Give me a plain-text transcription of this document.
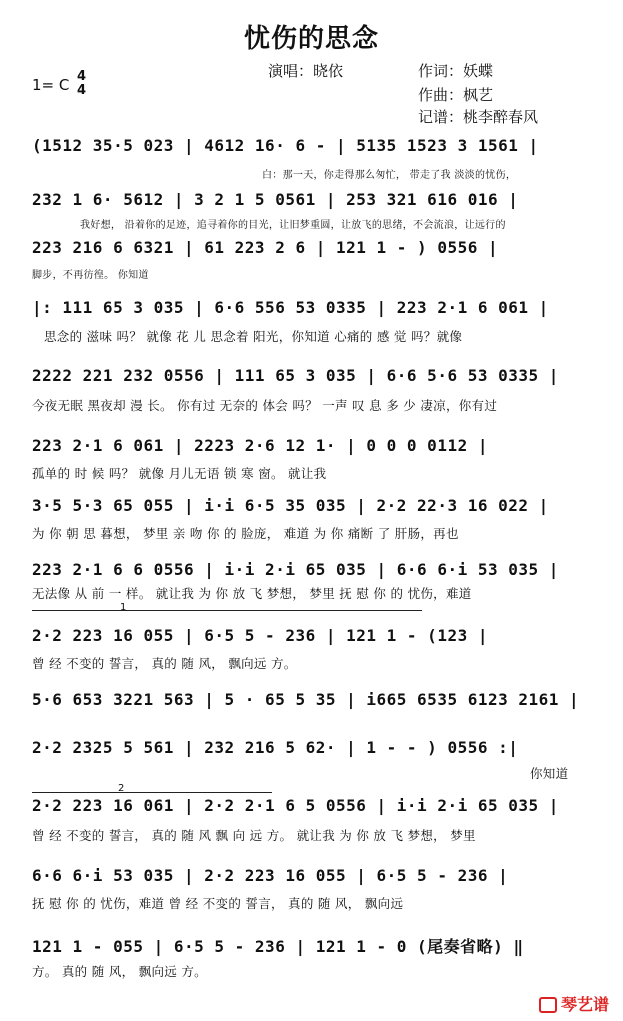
忧伤的思念
演唱：晓依	作词：妖蝶
作曲：枫艺
记谱：桃李醉春风
1= C 4
4
(1512 35·5 023 | 4612 16· 6 - | 5135 1523 3 1561 |
白：那一天，你走得那么匆忙， 带走了我 淡淡的忧伤，
232 1 6· 5612 | 3 2 1 5 0561 | 253 321 616 016 |
我好想， 沿着你的足迹，追寻着你的目光，让旧梦重圆，让放飞的思绪，不会流浪，让远行的
223 216 6 6321 | 61 223 2 6 | 121 1 - ) 0556 |
脚步，不再彷徨。 你知道
|: 111 65 3 035 | 6·6 556 53 0335 | 223 2·1 6 061 |
思念的 滋味 吗？ 就像 花 儿 思念着 阳光，你知道 心痛的 感 觉 吗？就像
2222 221 232 0556 | 111 65 3 035 | 6·6 5·6 53 0335 |
今夜无眠 黑夜却 漫 长。 你有过 无奈的 体会 吗？ 一声 叹 息 多 少 凄凉，你有过
223 2·1 6 061 | 2223 2·6 12 1· | 0 0 0 0112 |
孤单的 时 候 吗？ 就像 月儿无语 锁 寒 窗。 就让我
3·5 5·3 65 055 | i·i 6·5 35 035 | 2·2 22·3 16 022 |
为 你 朝 思 暮想， 梦里 亲 吻 你 的 脸庞， 难道 为 你 痛断 了 肝肠，再也
223 2·1 6 6 0556 | i·i 2·i 65 035 | 6·6 6·i 53 035 |
无法像 从 前 一 样。 就让我 为 你 放 飞 梦想， 梦里 抚 慰 你 的 忧伤，难道
1
2·2 223 16 055 | 6·5 5 - 236 | 121 1 - (123 |
曾 经 不变的 誓言， 真的 随 风， 飘向远 方。
5·6 653 3221 563 | 5 · 65 5 35 | i665 6535 6123 2161 |
2·2 2325 5 561 | 232 216 5 62· | 1 - - ) 0556 :|
你知道
2
2·2 223 16 061 | 2·2 2·1 6 5 0556 | i·i 2·i 65 035 |
曾 经 不变的 誓言， 真的 随 风 飘 向 远 方。 就让我 为 你 放 飞 梦想， 梦里
6·6 6·i 53 035 | 2·2 223 16 055 | 6·5 5 - 236 |
抚 慰 你 的 忧伤，难道 曾 经 不变的 誓言， 真的 随 风， 飘向远
121 1 - 055 | 6·5 5 - 236 | 121 1 - 0 (尾奏省略) ‖
方。 真的 随 风， 飘向远 方。
琴艺谱
